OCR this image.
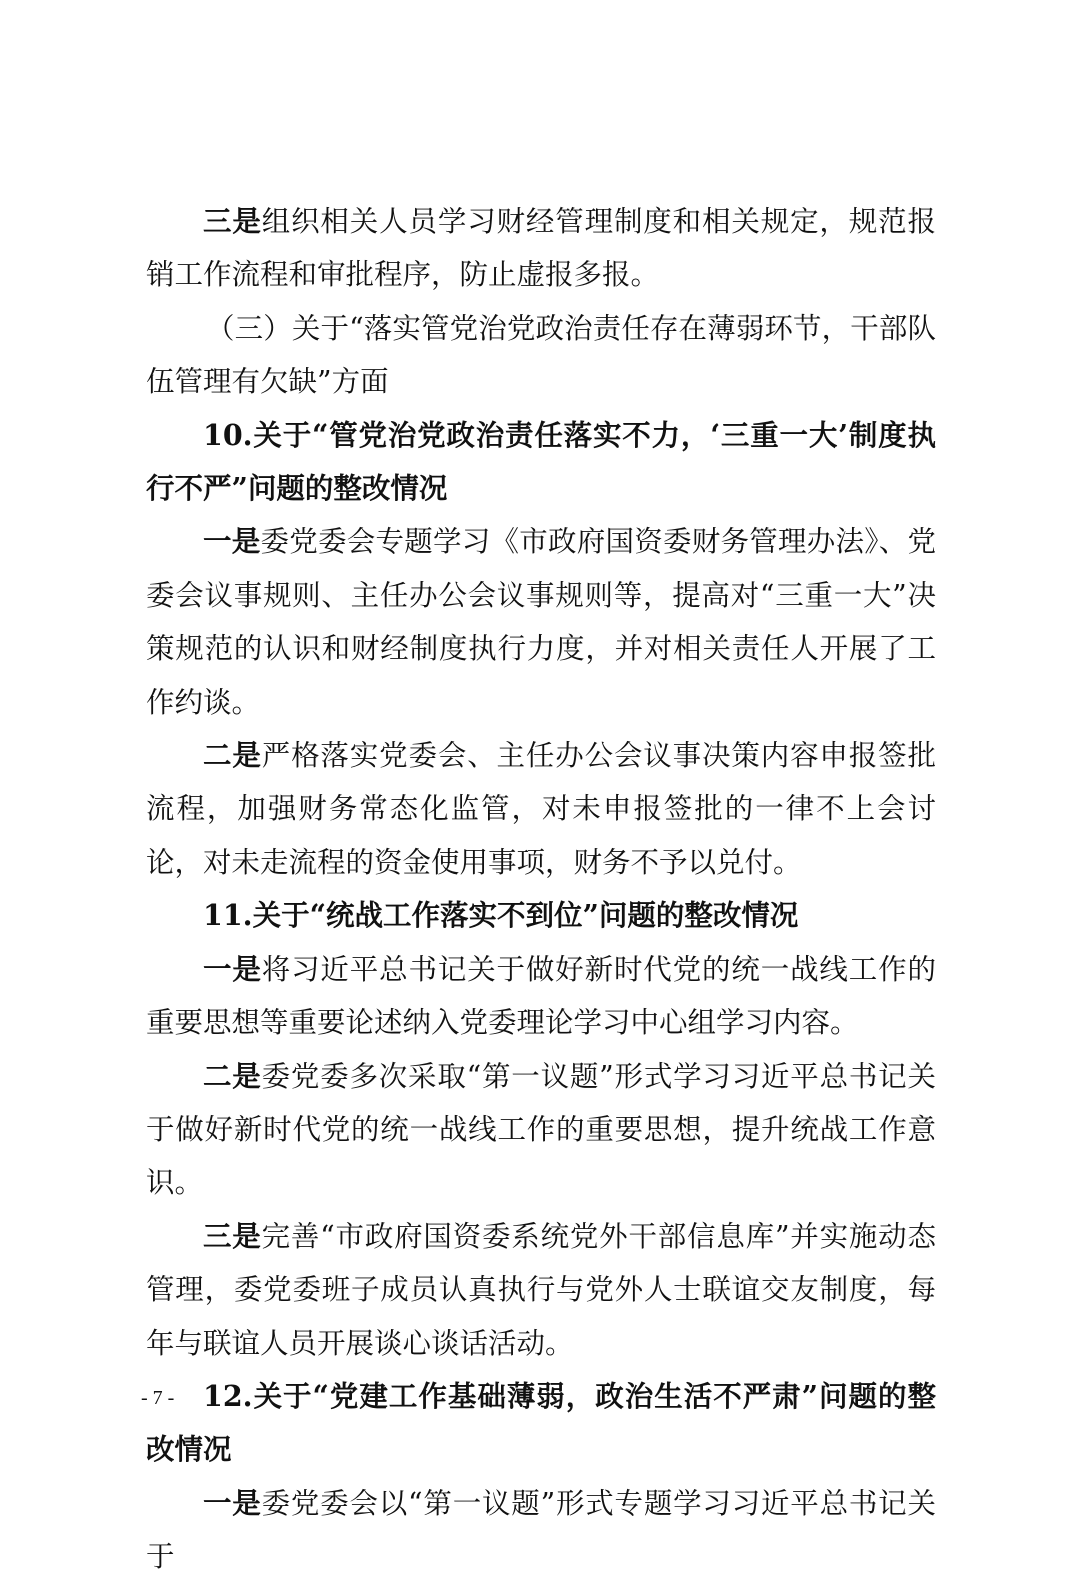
三是组织相关人员学习财经管理制度和相关规定，规范报销工作流程和审批程序，防止虚报多报。

（三）关于“落实管党治党政治责任存在薄弱环节，干部队伍管理有欠缺”方面

10.关于“管党治党政治责任落实不力，‘三重一大’制度执行不严”问题的整改情况

一是委党委会专题学习《市政府国资委财务管理办法》、党委会议事规则、主任办公会议事规则等，提高对“三重一大”决策规范的认识和财经制度执行力度，并对相关责任人开展了工作约谈。

二是严格落实党委会、主任办公会议事决策内容申报签批流程，加强财务常态化监管，对未申报签批的一律不上会讨论，对未走流程的资金使用事项，财务不予以兑付。

11.关于“统战工作落实不到位”问题的整改情况

一是将习近平总书记关于做好新时代党的统一战线工作的重要思想等重要论述纳入党委理论学习中心组学习内容。

二是委党委多次采取“第一议题”形式学习习近平总书记关于做好新时代党的统一战线工作的重要思想，提升统战工作意识。

三是完善“市政府国资委系统党外干部信息库”并实施动态管理，委党委班子成员认真执行与党外人士联谊交友制度，每年与联谊人员开展谈心谈话活动。

12.关于“党建工作基础薄弱，政治生活不严肃”问题的整改情况

一是委党委会以“第一议题”形式专题学习习近平总书记关于

- 7 -
